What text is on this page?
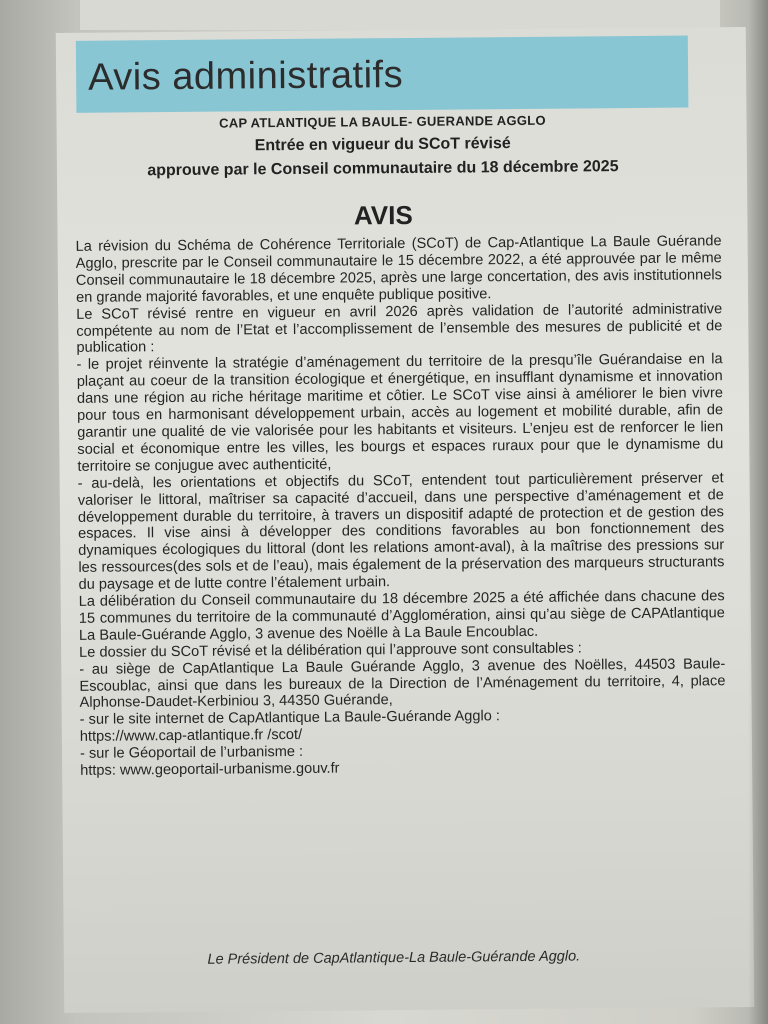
Avis administratifs
CAP ATLANTIQUE LA BAULE- GUERANDE AGGLO
Entrée en vigueur du SCoT révisé
approuve par le Conseil communautaire du 18 décembre 2025
AVIS

La révision du Schéma de Cohérence Territoriale (SCoT) de Cap-Atlantique La Baule Guérande Agglo, prescrite par le Conseil communautaire le 15 décembre 2022, a été approuvée par le même Conseil communautaire le 18 décembre 2025, après une large concertation, des avis institutionnels en grande majorité favorables, et une enquête publique positive.

Le SCoT révisé rentre en vigueur en avril 2026 après validation de l’autorité administrative compétente au nom de l’Etat et l’accomplissement de l’ensemble des mesures de publicité et de publication :

- le projet réinvente la stratégie d’aménagement du territoire de la presqu’île Guérandaise en la plaçant au coeur de la transition écologique et énergétique, en insufflant dynamisme et innovation dans une région au riche héritage maritime et côtier. Le SCoT vise ainsi à améliorer le bien vivre pour tous en harmonisant développement urbain, accès au logement et mobilité durable, afin de garantir une qualité de vie valorisée pour les habitants et visiteurs. L’enjeu est de renforcer le lien social et économique entre les villes, les bourgs et espaces ruraux pour que le dynamisme du territoire se conjugue avec authenticité,

- au-delà, les orientations et objectifs du SCoT, entendent tout particulièrement préserver et valoriser le littoral, maîtriser sa capacité d’accueil, dans une perspective d’aménagement et de développement durable du territoire, à travers un dispositif adapté de protection et de gestion des espaces. Il vise ainsi à développer des conditions favorables au bon fonctionnement des dynamiques écologiques du littoral (dont les relations amont-aval), à la maîtrise des pressions sur les ressources(des sols et de l’eau), mais également de la préservation des marqueurs structurants du paysage et de lutte contre l’étalement urbain.

La délibération du Conseil communautaire du 18 décembre 2025 a été affichée dans chacune des 15 communes du territoire de la communauté d’Agglomération, ainsi qu’au siège de CAPAtlantique La Baule-Guérande Agglo, 3 avenue des Noëlle à La Baule Encoublac.

Le dossier du SCoT révisé et la délibération qui l’approuve sont consultables :

- au siège de CapAtlantique La Baule Guérande Agglo, 3 avenue des Noëlles, 44503 Baule-Escoublac, ainsi que dans les bureaux de la Direction de l’Aménagement du territoire, 4, place Alphonse-Daudet-Kerbiniou 3, 44350 Guérande,

- sur le site internet de CapAtlantique La Baule-Guérande Agglo :

https://www.cap-atlantique.fr /scot/

- sur le Géoportail de l’urbanisme :

https: www.geoportail-urbanisme.gouv.fr

Le Président de CapAtlantique-La Baule-Guérande Agglo.
